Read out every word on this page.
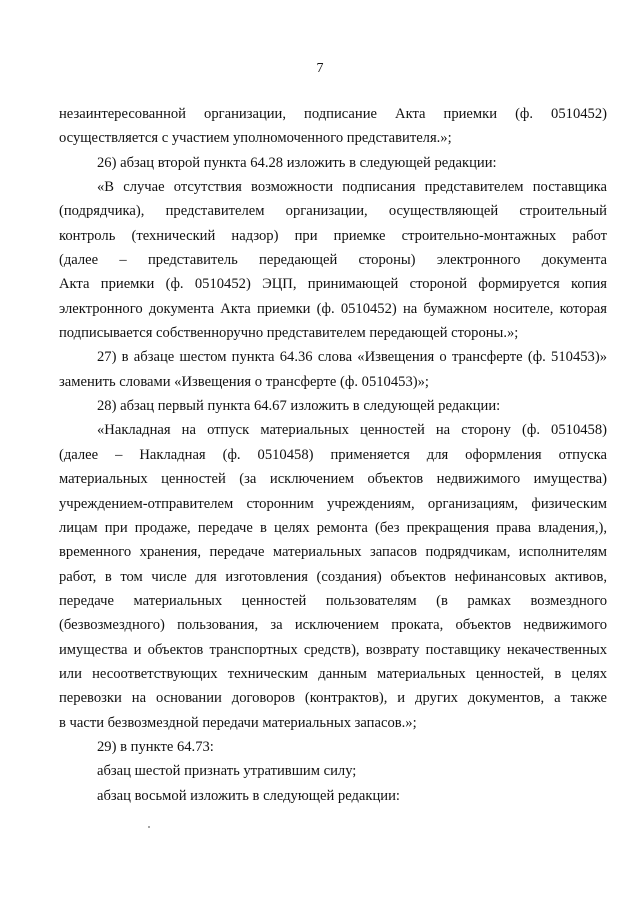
7
незаинтересованной организации, подписание Акта приемки (ф. 0510452)
осуществляется с участием уполномоченного представителя.»;
26) абзац второй пункта 64.28 изложить в следующей редакции:
«В случае отсутствия возможности подписания представителем поставщика
(подрядчика), представителем организации, осуществляющей строительный
контроль (технический надзор) при приемке строительно-монтажных работ
(далее – представитель передающей стороны) электронного документа
Акта приемки (ф. 0510452) ЭЦП, принимающей стороной формируется копия
электронного документа Акта приемки (ф. 0510452) на бумажном носителе, которая
подписывается собственноручно представителем передающей стороны.»;
27) в абзаце шестом пункта 64.36 слова «Извещения о трансферте (ф. 510453)»
заменить словами «Извещения о трансферте (ф. 0510453)»;
28) абзац первый пункта 64.67 изложить в следующей редакции:
«Накладная на отпуск материальных ценностей на сторону (ф. 0510458)
(далее – Накладная (ф. 0510458) применяется для оформления отпуска
материальных ценностей (за исключением объектов недвижимого имущества)
учреждением-отправителем сторонним учреждениям, организациям, физическим
лицам при продаже, передаче в целях ремонта (без прекращения права владения,),
временного хранения, передаче материальных запасов подрядчикам, исполнителям
работ, в том числе для изготовления (создания) объектов нефинансовых активов,
передаче материальных ценностей пользователям (в рамках возмездного
(безвозмездного) пользования, за исключением проката, объектов недвижимого
имущества и объектов транспортных средств), возврату поставщику некачественных
или несоответствующих техническим данным материальных ценностей, в целях
перевозки на основании договоров (контрактов), и других документов, а также
в части безвозмездной передачи материальных запасов.»;
29) в пункте 64.73:
абзац шестой признать утратившим силу;
абзац восьмой изложить в следующей редакции:
